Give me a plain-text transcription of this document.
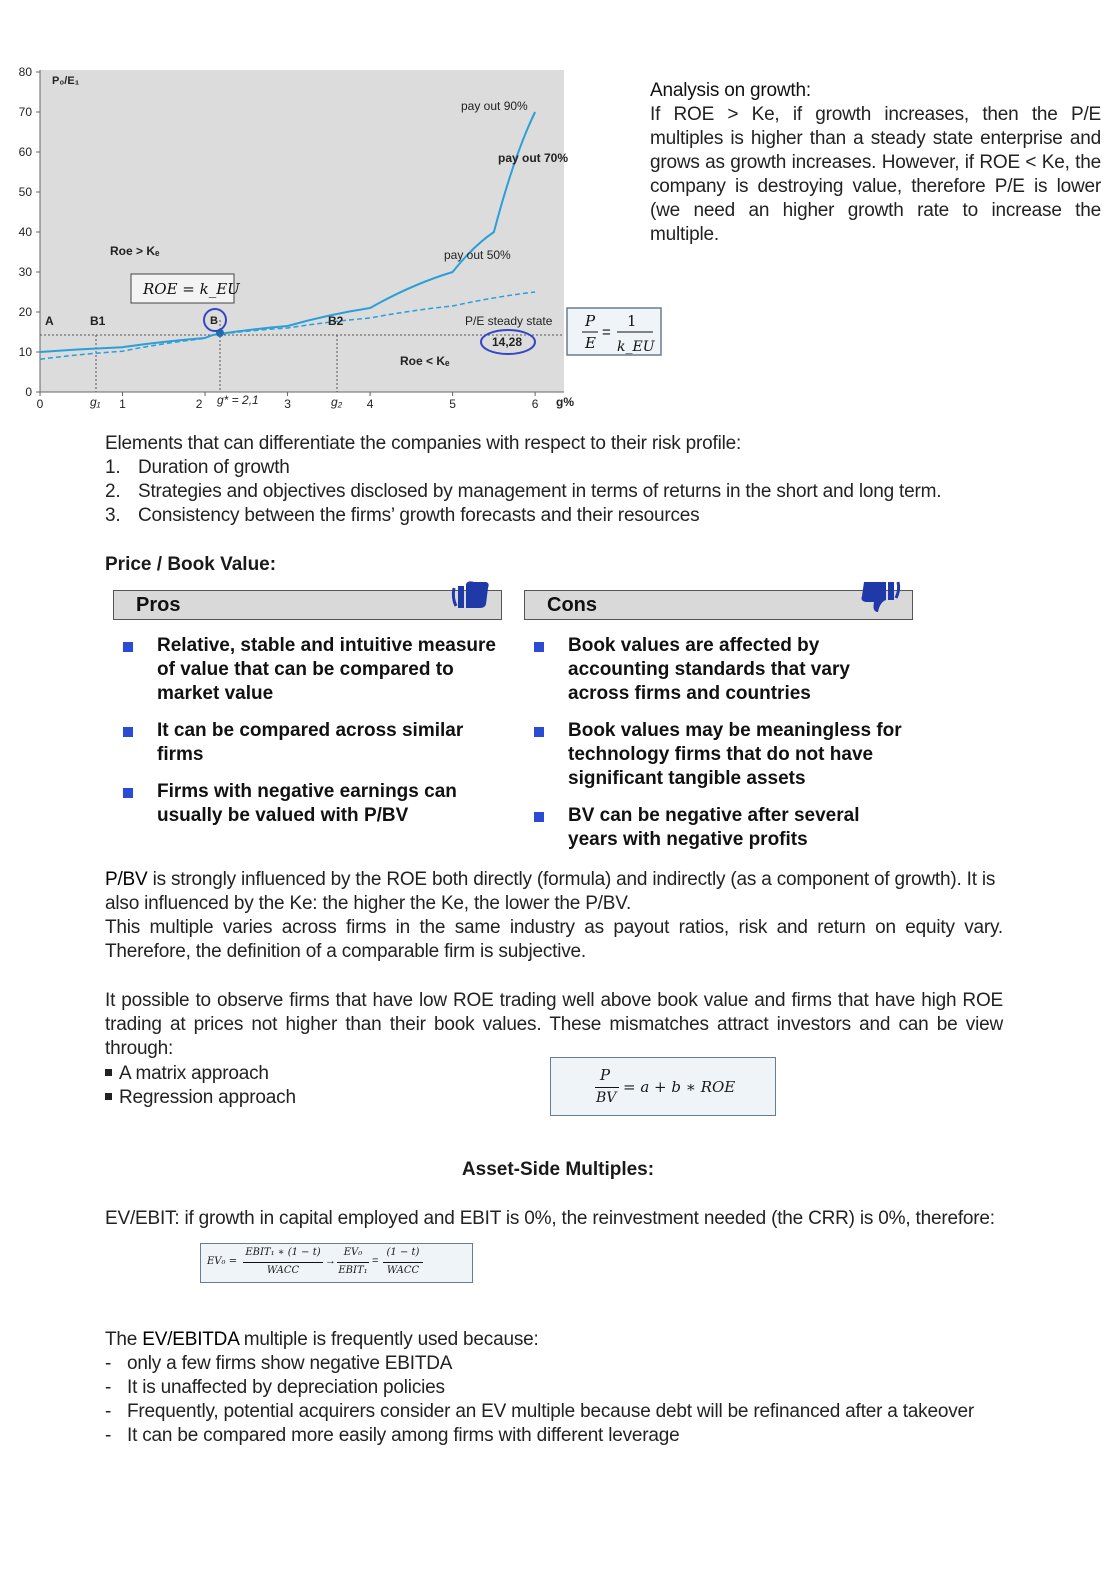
80
70
60
50
40
30
20
10
0
0	1	2	3	4	5	6
P₀/E₁
g%
pay out 90%
pay out 70%
pay out 50%
Roe > Kₑ
Roe < Kₑ
P/E steady state
14,28
A	B1	B	B2
ROE = k_EU
P
E
=
1
k_EU
g₁	g₂
g* = 2,1
Analysis on growth:
If ROE > Ke, if growth increases, then the P/E multiples is higher than a steady state enterprise and grows as growth increases. However, if ROE < Ke, the company is destroying value, therefore P/E is lower (we need an higher growth rate to increase the multiple.
Elements that can differentiate the companies with respect to their risk profile:
1. Duration of growth
2. Strategies and objectives disclosed by management in terms of returns in the short and long term.
3. Consistency between the firms’ growth forecasts and their resources
Price / Book Value:
Pros
Relative, stable and intuitive measure of value that can be compared to market value
It can be compared across similar firms
Firms with negative earnings can usually be valued with P/BV
Cons
Book values are affected by accounting standards that vary across firms and countries
Book values may be meaningless for technology firms that do not have significant tangible assets
BV can be negative after several years with negative profits
P/BV is strongly influenced by the ROE both directly (formula) and indirectly (as a component of growth). It is also influenced by the Ke: the higher the Ke, the lower the P/BV.
This multiple varies across firms in the same industry as payout ratios, risk and return on equity vary. Therefore, the definition of a comparable firm is subjective.
It possible to observe firms that have low ROE trading well above book value and firms that have high ROE trading at prices not higher than their book values. These mismatches attract investors and can be view through:
A matrix approach
Regression approach
P
BV
= a + b ∗ ROE
Asset-Side Multiples:
EV/EBIT: if growth in capital employed and EBIT is 0%, the reinvestment needed (the CRR) is 0%, therefore:
EV₀ =
EBIT₁ ∗ (1 − t)
WACC
→
EV₀
EBIT₁
=
(1 − t)
WACC
The EV/EBITDA multiple is frequently used because:
- only a few firms show negative EBITDA
- It is unaffected by depreciation policies
- Frequently, potential acquirers consider an EV multiple because debt will be refinanced after a takeover
- It can be compared more easily among firms with different leverage
